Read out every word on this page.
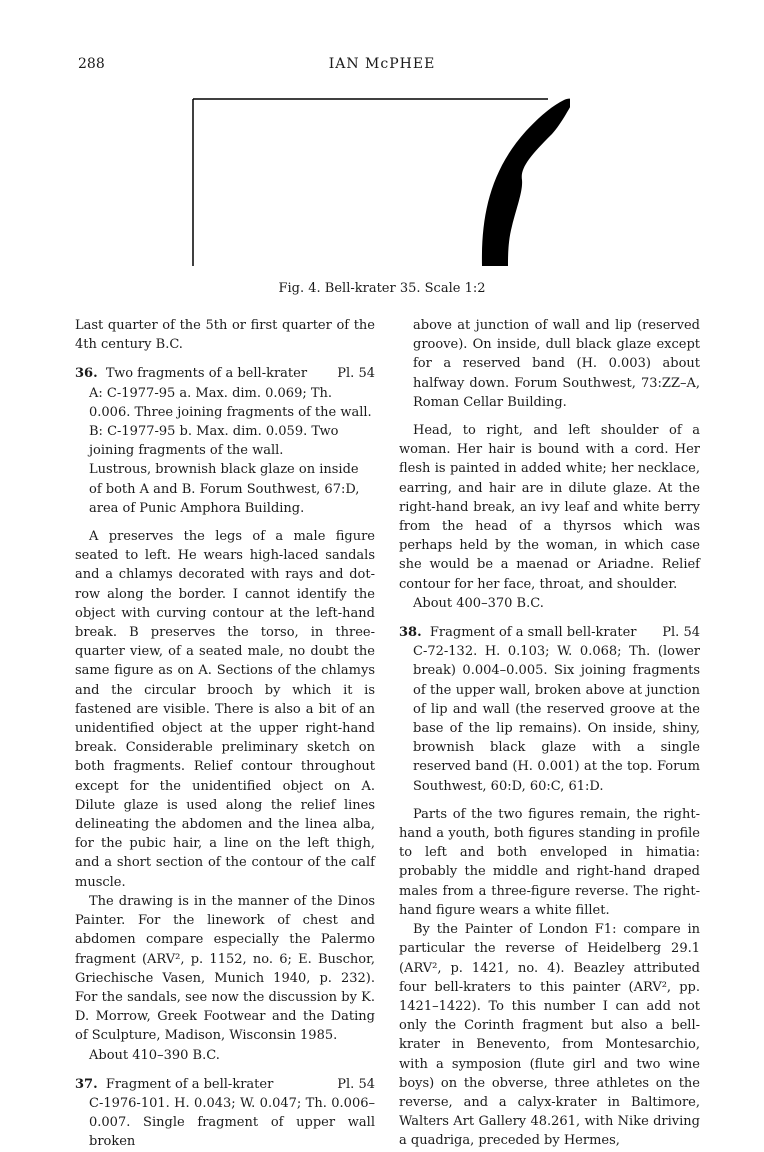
288	IAN McPHEE
Fig. 4. Bell-krater 35. Scale 1:2

Last quarter of the 5th or first quarter of the 4th century B.C.

36. Two fragments of a bell-krater Pl. 54

A: C-1977-95 a. Max. dim. 0.069; Th. 0.006. Three joining fragments of the wall.

B: C-1977-95 b. Max. dim. 0.059. Two joining fragments of the wall.

Lustrous, brownish black glaze on inside of both A and B. Forum Southwest, 67:D, area of Punic Amphora Building.

A preserves the legs of a male figure seated to left. He wears high-laced sandals and a chlamys decorated with rays and dot-row along the border. I cannot identify the object with curving contour at the left-hand break. B preserves the torso, in three-quarter view, of a seated male, no doubt the same figure as on A. Sections of the chlamys and the circular brooch by which it is fastened are visible. There is also a bit of an unidentified object at the upper right-hand break. Considerable preliminary sketch on both fragments. Relief contour throughout except for the unidentified object on A. Dilute glaze is used along the relief lines delineating the abdomen and the linea alba, for the pubic hair, a line on the left thigh, and a short section of the contour of the calf muscle.

The drawing is in the manner of the Dinos Painter. For the linework of chest and abdomen compare especially the Palermo fragment (ARV², p. 1152, no. 6; E. Buschor, Griechische Vasen, Munich 1940, p. 232). For the sandals, see now the discussion by K. D. Morrow, Greek Footwear and the Dating of Sculpture, Madison, Wisconsin 1985.

About 410–390 B.C.

37. Fragment of a bell-krater	Pl. 54

C-1976-101. H. 0.043; W. 0.047; Th. 0.006–0.007. Single fragment of upper wall broken

above at junction of wall and lip (reserved groove). On inside, dull black glaze except for a reserved band (H. 0.003) about halfway down. Forum Southwest, 73:ZZ–A, Roman Cellar Building.

Head, to right, and left shoulder of a woman. Her hair is bound with a cord. Her flesh is painted in added white; her necklace, earring, and hair are in dilute glaze. At the right-hand break, an ivy leaf and white berry from the head of a thyrsos which was perhaps held by the woman, in which case she would be a maenad or Ariadne. Relief contour for her face, throat, and shoulder.

About 400–370 B.C.

38. Fragment of a small bell-krater Pl. 54

C-72-132. H. 0.103; W. 0.068; Th. (lower break) 0.004–0.005. Six joining fragments of the upper wall, broken above at junction of lip and wall (the reserved groove at the base of the lip remains). On inside, shiny, brownish black glaze with a single reserved band (H. 0.001) at the top. Forum Southwest, 60:D, 60:C, 61:D.

Parts of the two figures remain, the right-hand a youth, both figures standing in profile to left and both enveloped in himatia: probably the middle and right-hand draped males from a three-figure reverse. The right-hand figure wears a white fillet.

By the Painter of London F1: compare in particular the reverse of Heidelberg 29.1 (ARV², p. 1421, no. 4). Beazley attributed four bell-kraters to this painter (ARV², pp. 1421–1422). To this number I can add not only the Corinth fragment but also a bell-krater in Benevento, from Montesarchio, with a symposion (flute girl and two wine boys) on the obverse, three athletes on the reverse, and a calyx-krater in Baltimore, Walters Art Gallery 48.261, with Nike driving a quadriga, preceded by Hermes,
